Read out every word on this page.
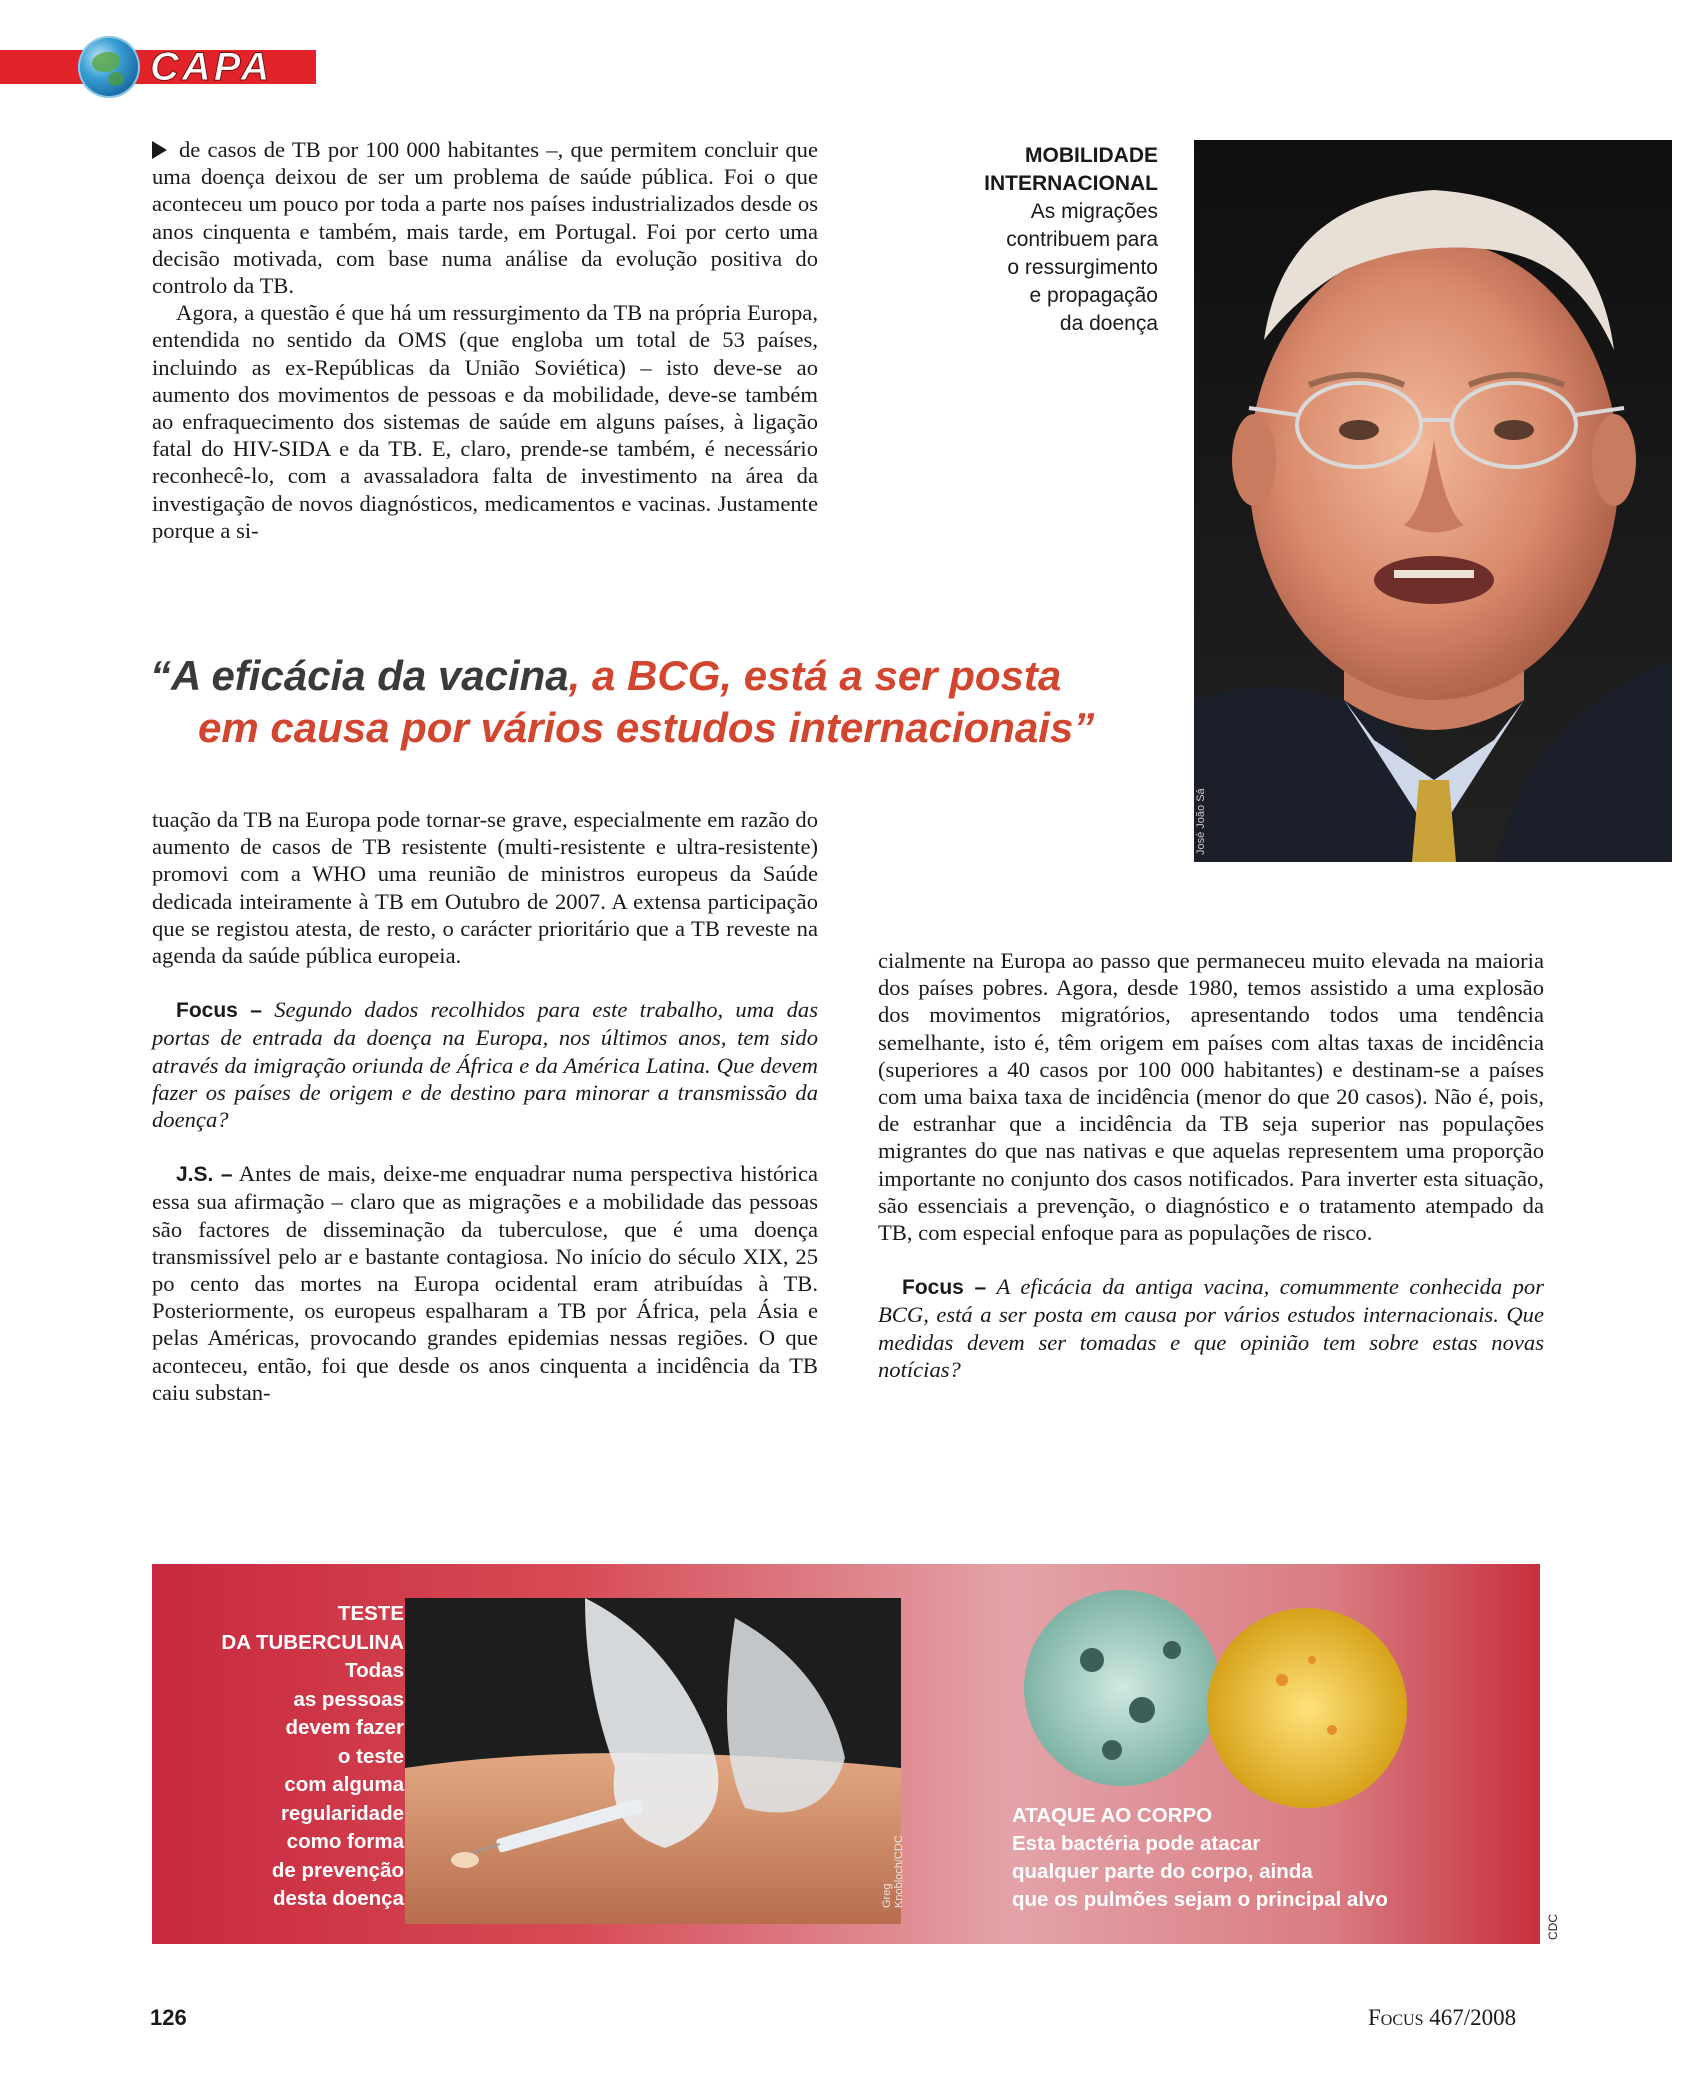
CAPA

de casos de TB por 100 000 habitantes –, que permitem concluir que uma doença deixou de ser um problema de saúde pública. Foi o que aconteceu um pouco por toda a parte nos países industrializados desde os anos cinquenta e também, mais tarde, em Portugal. Foi por certo uma decisão motivada, com base numa análise da evolução positiva do controlo da TB.

Agora, a questão é que há um ressurgimento da TB na própria Europa, entendida no sentido da OMS (que engloba um total de 53 países, incluindo as ex-Repúblicas da União Soviética) – isto deve-se ao aumento dos movimentos de pessoas e da mobilidade, deve-se também ao enfraquecimento dos sistemas de saúde em alguns países, à ligação fatal do HIV-SIDA e da TB. E, claro, prende-se também, é necessário reconhecê-lo, com a avassaladora falta de investimento na área da investigação de novos diagnósticos, medicamentos e vacinas. Justamente porque a si-

MOBILIDADE
INTERNACIONAL
As migrações
contribuem para
o ressurgimento
e propagação
da doença
José João Sá
“A eficácia da vacina, a BCG, está a ser posta
em causa por vários estudos internacionais”

tuação da TB na Europa pode tornar-se grave, especialmente em razão do aumento de casos de TB resistente (multi-resistente e ultra-resistente) promovi com a WHO uma reunião de ministros europeus da Saúde dedicada inteiramente à TB em Outubro de 2007. A extensa participação que se registou atesta, de resto, o carácter prioritário que a TB reveste na agenda da saúde pública europeia.

Focus – Segundo dados recolhidos para este trabalho, uma das portas de entrada da doença na Europa, nos últimos anos, tem sido através da imigração oriunda de África e da América Latina. Que devem fazer os países de origem e de destino para minorar a transmissão da doença?

J.S. – Antes de mais, deixe-me enquadrar numa perspectiva histórica essa sua afirmação – claro que as migrações e a mobilidade das pessoas são factores de disseminação da tuberculose, que é uma doença transmissível pelo ar e bastante contagiosa. No início do século XIX, 25 po cento das mortes na Europa ocidental eram atribuídas à TB. Posteriormente, os europeus espalharam a TB por África, pela Ásia e pelas Américas, provocando grandes epidemias nessas regiões. O que aconteceu, então, foi que desde os anos cinquenta a incidência da TB caiu substan-

cialmente na Europa ao passo que permaneceu muito elevada na maioria dos países pobres. Agora, desde 1980, temos assistido a uma explosão dos movimentos migratórios, apresentando todos uma tendência semelhante, isto é, têm origem em países com altas taxas de incidência (superiores a 40 casos por 100 000 habitantes) e destinam-se a países com uma baixa taxa de incidência (menor do que 20 casos). Não é, pois, de estranhar que a incidência da TB seja superior nas populações migrantes do que nas nativas e que aquelas representem uma proporção importante no conjunto dos casos notificados. Para inverter esta situação, são essenciais a prevenção, o diagnóstico e o tratamento atempado da TB, com especial enfoque para as populações de risco.

Focus – A eficácia da antiga vacina, comummente conhecida por BCG, está a ser posta em causa por vários estudos internacionais. Que medidas devem ser tomadas e que opinião tem sobre estas novas notícias?

TESTE
DA TUBERCULINA
Todas
as pessoas
devem fazer
o teste
com alguma
regularidade
como forma
de prevenção
desta doença	Greg Knobloch/CDC
ATAQUE AO CORPO
Esta bactéria pode atacar
qualquer parte do corpo, ainda
que os pulmões sejam o principal alvo
CDC
126	Focus 467/2008
